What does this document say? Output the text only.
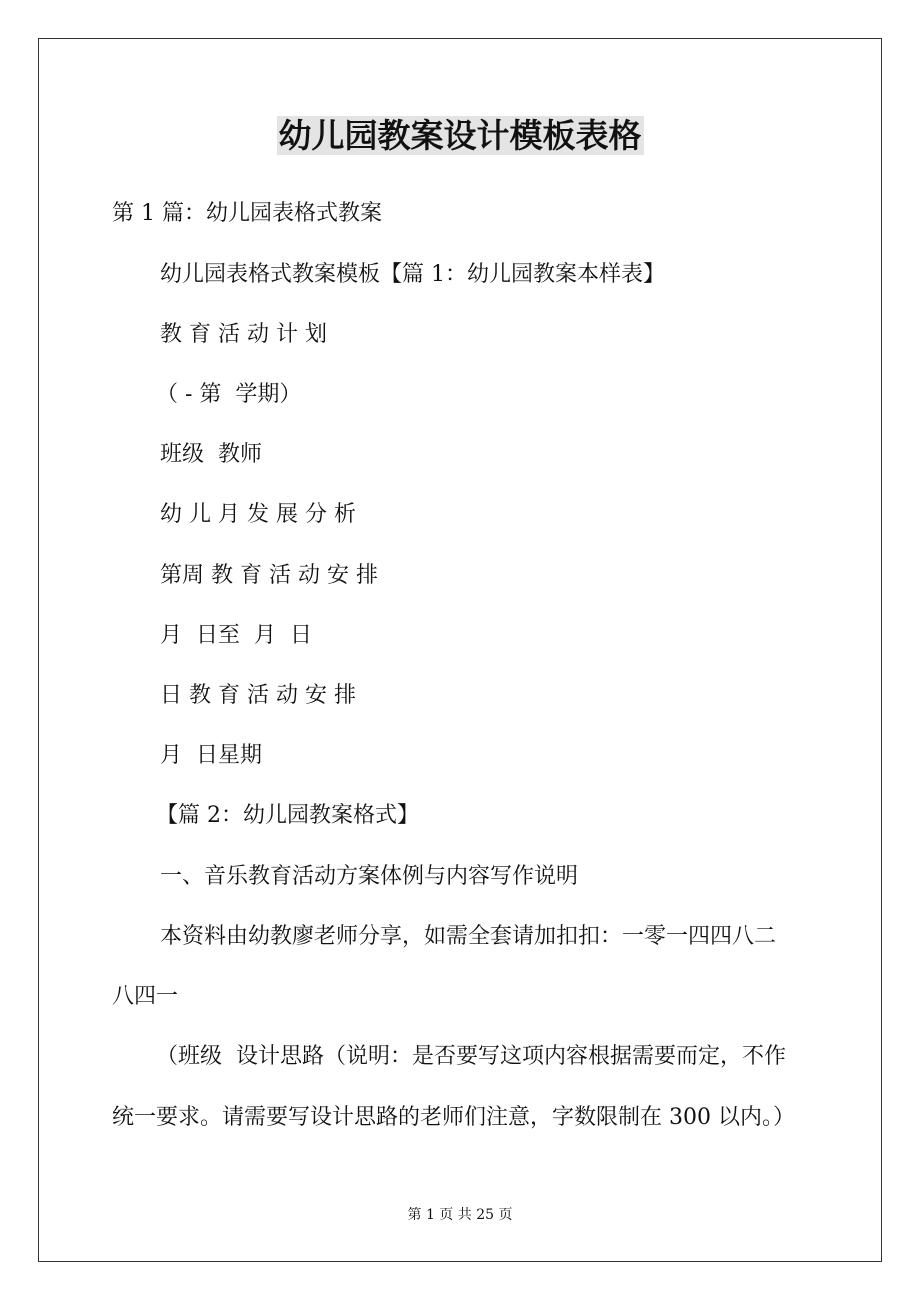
幼儿园教案设计模板表格
第 1 篇：幼儿园表格式教案
幼儿园表格式教案模板【篇 1：幼儿园教案本样表】
教 育 活 动 计 划
（ - 第  学期）
班级  教师
幼 儿 月 发 展 分 析
第周 教 育 活 动 安 排
月  日至  月  日
日 教 育 活 动 安 排
月  日星期
【篇 2：幼儿园教案格式】
一、音乐教育活动方案体例与内容写作说明
本资料由幼教廖老师分享，如需全套请加扣扣：一零一四四八二
八四一
（班级  设计思路（说明：是否要写这项内容根据需要而定，不作
统一要求。请需要写设计思路的老师们注意，字数限制在 300 以内。）
第 1 页 共 25 页
